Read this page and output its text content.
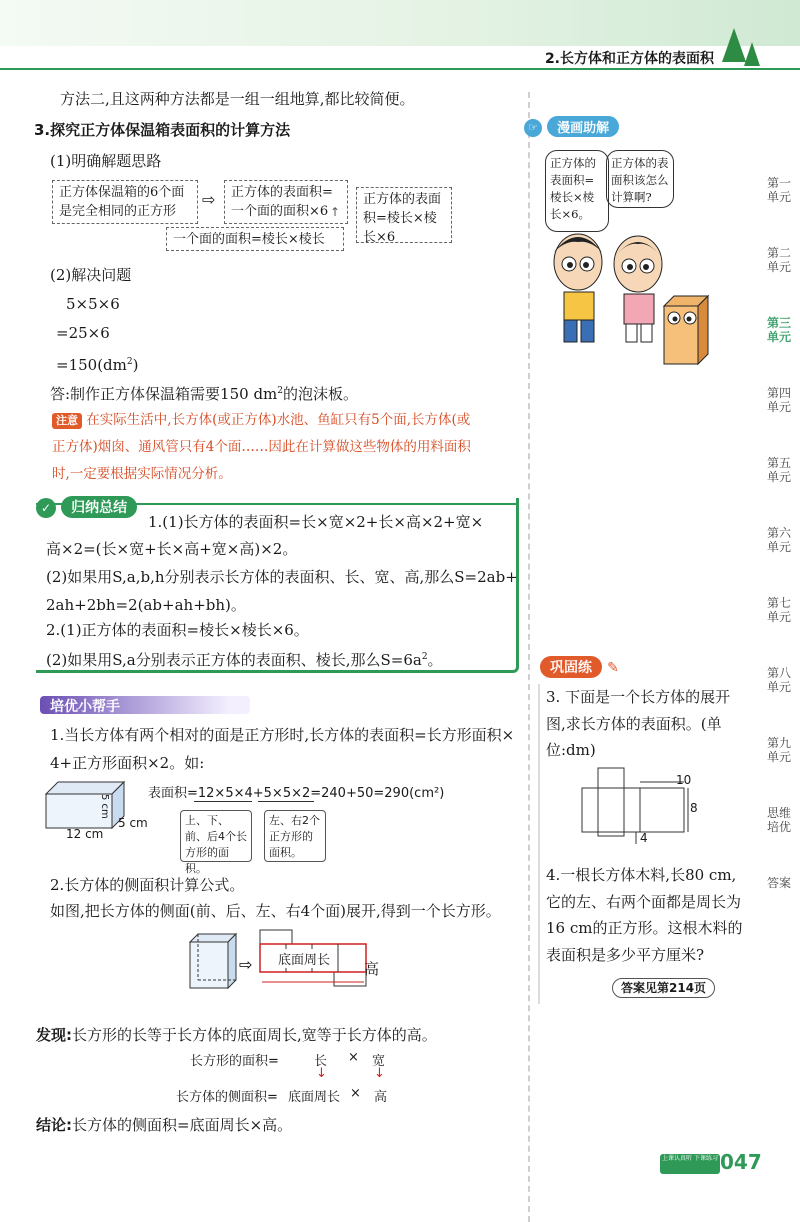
2.长方体和正方体的表面积
方法二,且这两种方法都是一组一组地算,都比较简便。
3.探究正方体保温箱表面积的计算方法
(1)明确解题思路
正方体保温箱的6个面是完全相同的正方形
⇨	正方体的表面积=一个面的面积×6 ↑
正方体的表面积=棱长×棱长×6
一个面的面积=棱长×棱长
(2)解决问题
5×5×6
=25×6
$=150(dm^2)$
答:制作正方体保温箱需要150 $dm^2$的泡沫板。
注意 在实际生活中,长方体(或正方体)水池、鱼缸只有5个面,长方体(或
正方体)烟囱、通风管只有4个面……因此在计算做这些物体的用料面积
时,一定要根据实际情况分析。
✓ 归纳总结
1.(1)长方体的表面积=长×宽×2+长×高×2+宽×
高×2=(长×宽+长×高+宽×高)×2。
(2)如果用S,a,b,h分别表示长方体的表面积、长、宽、高,那么S=2ab+
2ah+2bh=2(ab+ah+bh)。
2.(1)正方体的表面积=棱长×棱长×6。
(2)如果用S,a分别表示正方体的表面积、棱长,那么$S=6a^2$。
培优小帮手
1.当长方体有两个相对的面是正方形时,长方体的表面积=长方形面积×
4+正方形面积×2。如:
12 cm
5 cm
5 cm
表面积=12×5×4+5×5×2=240+50=290(cm²)
上、下、前、后4个长方形的面积。
左、右2个正方形的面积。
2.长方体的侧面积计算公式。
如图,把长方体的侧面(前、后、左、右4个面)展开,得到一个长方形。
⇨ 底面周长 高
发现:长方形的长等于长方体的底面周长,宽等于长方体的高。
长方形的面积=	长 × 宽
↓	↓
长方体的侧面积= 底面周长 × 高
结论:长方体的侧面积=底面周长×高。
☞ 漫画助解
正方体的表面积=棱长×棱长×6。
正方体的表面积该怎么计算啊?
巩固练 ✎
3. 下面是一个长方体的展开
图,求长方体的表面积。(单
位:dm)
10
8
4
4.一根长方体木料,长80 cm,
它的左、右两个面都是周长为
16 cm的正方形。这根木料的
表面积是多少平方厘米?
答案见第214页
第一单元
第二单元
第三单元
第四单元
第五单元
第六单元
第七单元
第八单元
第九单元
思维培优
答案
上课认真听 下课练习 047
